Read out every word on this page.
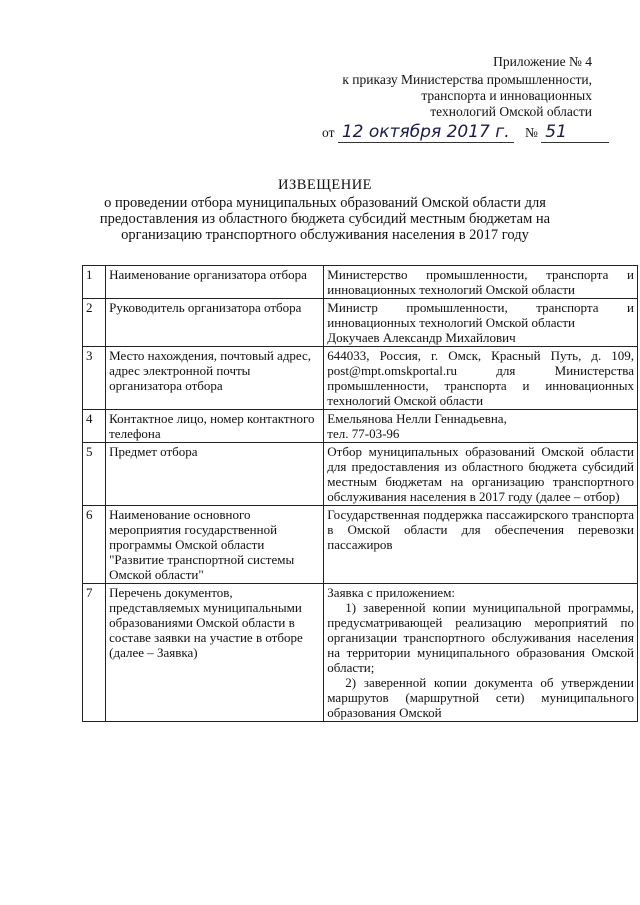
Приложение № 4
к приказу Министерства промышленности,
транспорта и инновационных
технологий Омской области
от 12 октября 2017 г. № 51
ИЗВЕЩЕНИЕ
о проведении отбора муниципальных образований Омской области для
предоставления из областного бюджета субсидий местным бюджетам на
организацию транспортного обслуживания населения в 2017 году
1	Наименование организатора отбора	Министерство промышленности, транспорта и инновационных технологий Омской области

2	Руководитель организатора отбора	Министр промышленности, транспорта и инновационных технологий Омской области

Докучаев Александр Михайлович

3	Место нахождения, почтовый адрес, адрес электронной почты организатора отбора	644033, Россия, г. Омск, Красный Путь, д. 109, post@mpt.omskportal.ru для Министерства промышленности, транспорта и инновационных технологий Омской области

4	Контактное лицо, номер контактного телефона	Емельянова Нелли Геннадьевна,

тел. 77-03-96

5	Предмет отбора	Отбор муниципальных образований Омской области для предоставления из областного бюджета субсидий местным бюджетам на организацию транспортного обслуживания населения в 2017 году (далее – отбор)

6	Наименование основного мероприятия государственной программы Омской области "Развитие транспортной системы Омской области"	Государственная поддержка пассажирского транспорта в Омской области для обеспечения перевозки пассажиров

7	Перечень документов, представляемых муниципальными образованиями Омской области в составе заявки на участие в отборе (далее – Заявка)	Заявка с приложением:

1) заверенной копии муниципальной программы, предусматривающей реализацию мероприятий по организации транспортного обслуживания населения на территории муниципального образования Омской области;

2) заверенной копии документа об утверждении маршрутов (маршрутной сети) муниципального образования Омской
